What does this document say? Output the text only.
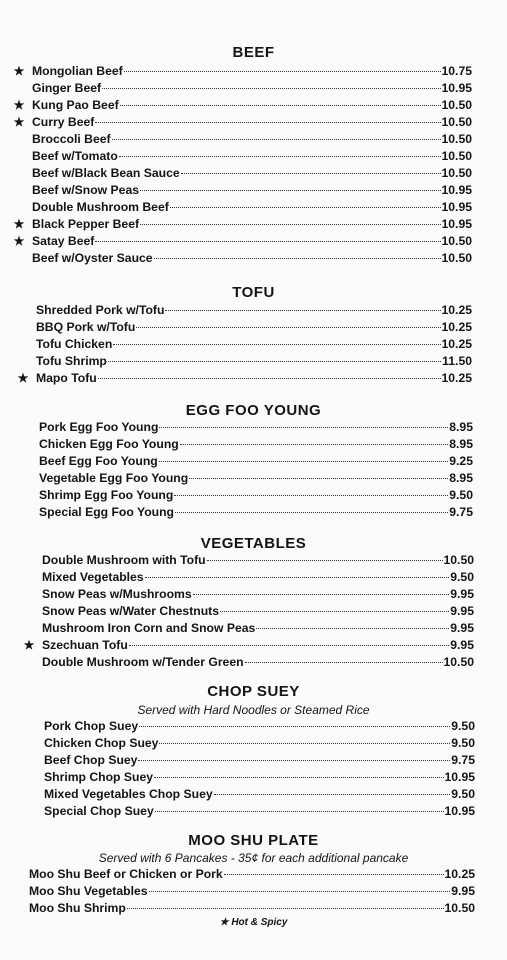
BEEF
★ Mongolian Beef	10.75
Ginger Beef	10.95
★ Kung Pao Beef	10.50
★ Curry Beef	10.50
Broccoli Beef	10.50
Beef w/Tomato	10.50
Beef w/Black Bean Sauce	10.50
Beef w/Snow Peas	10.95
Double Mushroom Beef	10.95
★ Black Pepper Beef	10.95
★ Satay Beef	10.50
Beef w/Oyster Sauce	10.50
TOFU
Shredded Pork w/Tofu	10.25
BBQ Pork w/Tofu	10.25
Tofu Chicken	10.25
Tofu Shrimp	11.50
★ Mapo Tofu	10.25
EGG FOO YOUNG
Pork Egg Foo Young	8.95
Chicken Egg Foo Young	8.95
Beef Egg Foo Young	9.25
Vegetable Egg Foo Young	8.95
Shrimp Egg Foo Young	9.50
Special Egg Foo Young	9.75
VEGETABLES
Double Mushroom with Tofu	10.50
Mixed Vegetables	9.50
Snow Peas w/Mushrooms	9.95
Snow Peas w/Water Chestnuts	9.95
Mushroom Iron Corn and Snow Peas	9.95
★ Szechuan Tofu	9.95
Double Mushroom w/Tender Green	10.50
CHOP SUEY
Served with Hard Noodles or Steamed Rice
Pork Chop Suey	9.50
Chicken Chop Suey	9.50
Beef Chop Suey	9.75
Shrimp Chop Suey	10.95
Mixed Vegetables Chop Suey	9.50
Special Chop Suey	10.95
MOO SHU PLATE
Served with 6 Pancakes - 35¢ for each additional pancake
Moo Shu Beef or Chicken or Pork	10.25
Moo Shu Vegetables	9.95
Moo Shu Shrimp	10.50
★ Hot & Spicy
